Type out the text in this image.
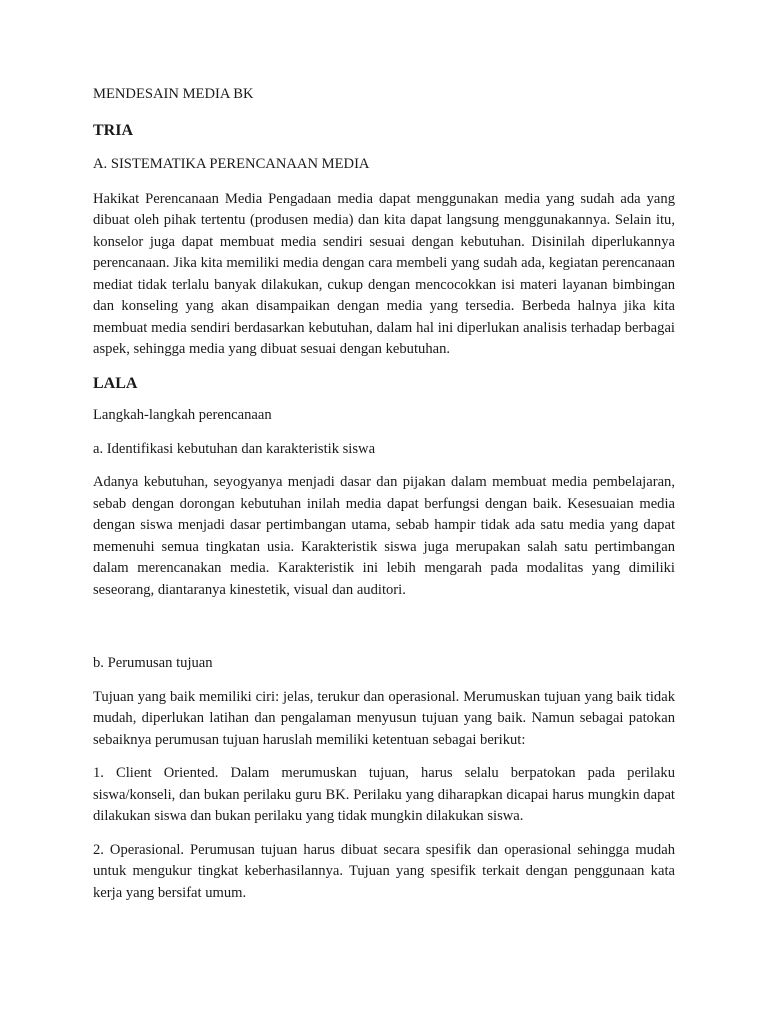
MENDESAIN MEDIA BK

TRIA

A. SISTEMATIKA PERENCANAAN MEDIA

Hakikat Perencanaan Media Pengadaan media dapat menggunakan media yang sudah ada yang dibuat oleh pihak tertentu (produsen media) dan kita dapat langsung menggunakannya. Selain itu, konselor juga dapat membuat media sendiri sesuai dengan kebutuhan. Disinilah diperlukannya perencanaan. Jika kita memiliki media dengan cara membeli yang sudah ada, kegiatan perencanaan mediat tidak terlalu banyak dilakukan, cukup dengan mencocokkan isi materi layanan bimbingan dan konseling yang akan disampaikan dengan media yang tersedia. Berbeda halnya jika kita membuat media sendiri berdasarkan kebutuhan, dalam hal ini diperlukan analisis terhadap berbagai aspek, sehingga media yang dibuat sesuai dengan kebutuhan.

LALA

Langkah-langkah perencanaan

a. Identifikasi kebutuhan dan karakteristik siswa

Adanya kebutuhan, seyogyanya menjadi dasar dan pijakan dalam membuat media pembelajaran, sebab dengan dorongan kebutuhan inilah media dapat berfungsi dengan baik. Kesesuaian media dengan siswa menjadi dasar pertimbangan utama, sebab hampir tidak ada satu media yang dapat memenuhi semua tingkatan usia. Karakteristik siswa juga merupakan salah satu pertimbangan dalam merencanakan media. Karakteristik ini lebih mengarah pada modalitas yang dimiliki seseorang, diantaranya kinestetik, visual dan auditori.

b. Perumusan tujuan

Tujuan yang baik memiliki ciri: jelas, terukur dan operasional. Merumuskan tujuan yang baik tidak mudah, diperlukan latihan dan pengalaman menyusun tujuan yang baik. Namun sebagai patokan sebaiknya perumusan tujuan haruslah memiliki ketentuan sebagai berikut:

1. Client Oriented. Dalam merumuskan tujuan, harus selalu berpatokan pada perilaku siswa/konseli, dan bukan perilaku guru BK. Perilaku yang diharapkan dicapai harus mungkin dapat dilakukan siswa dan bukan perilaku yang tidak mungkin dilakukan siswa.

2. Operasional. Perumusan tujuan harus dibuat secara spesifik dan operasional sehingga mudah untuk mengukur tingkat keberhasilannya. Tujuan yang spesifik terkait dengan penggunaan kata kerja yang bersifat umum.
